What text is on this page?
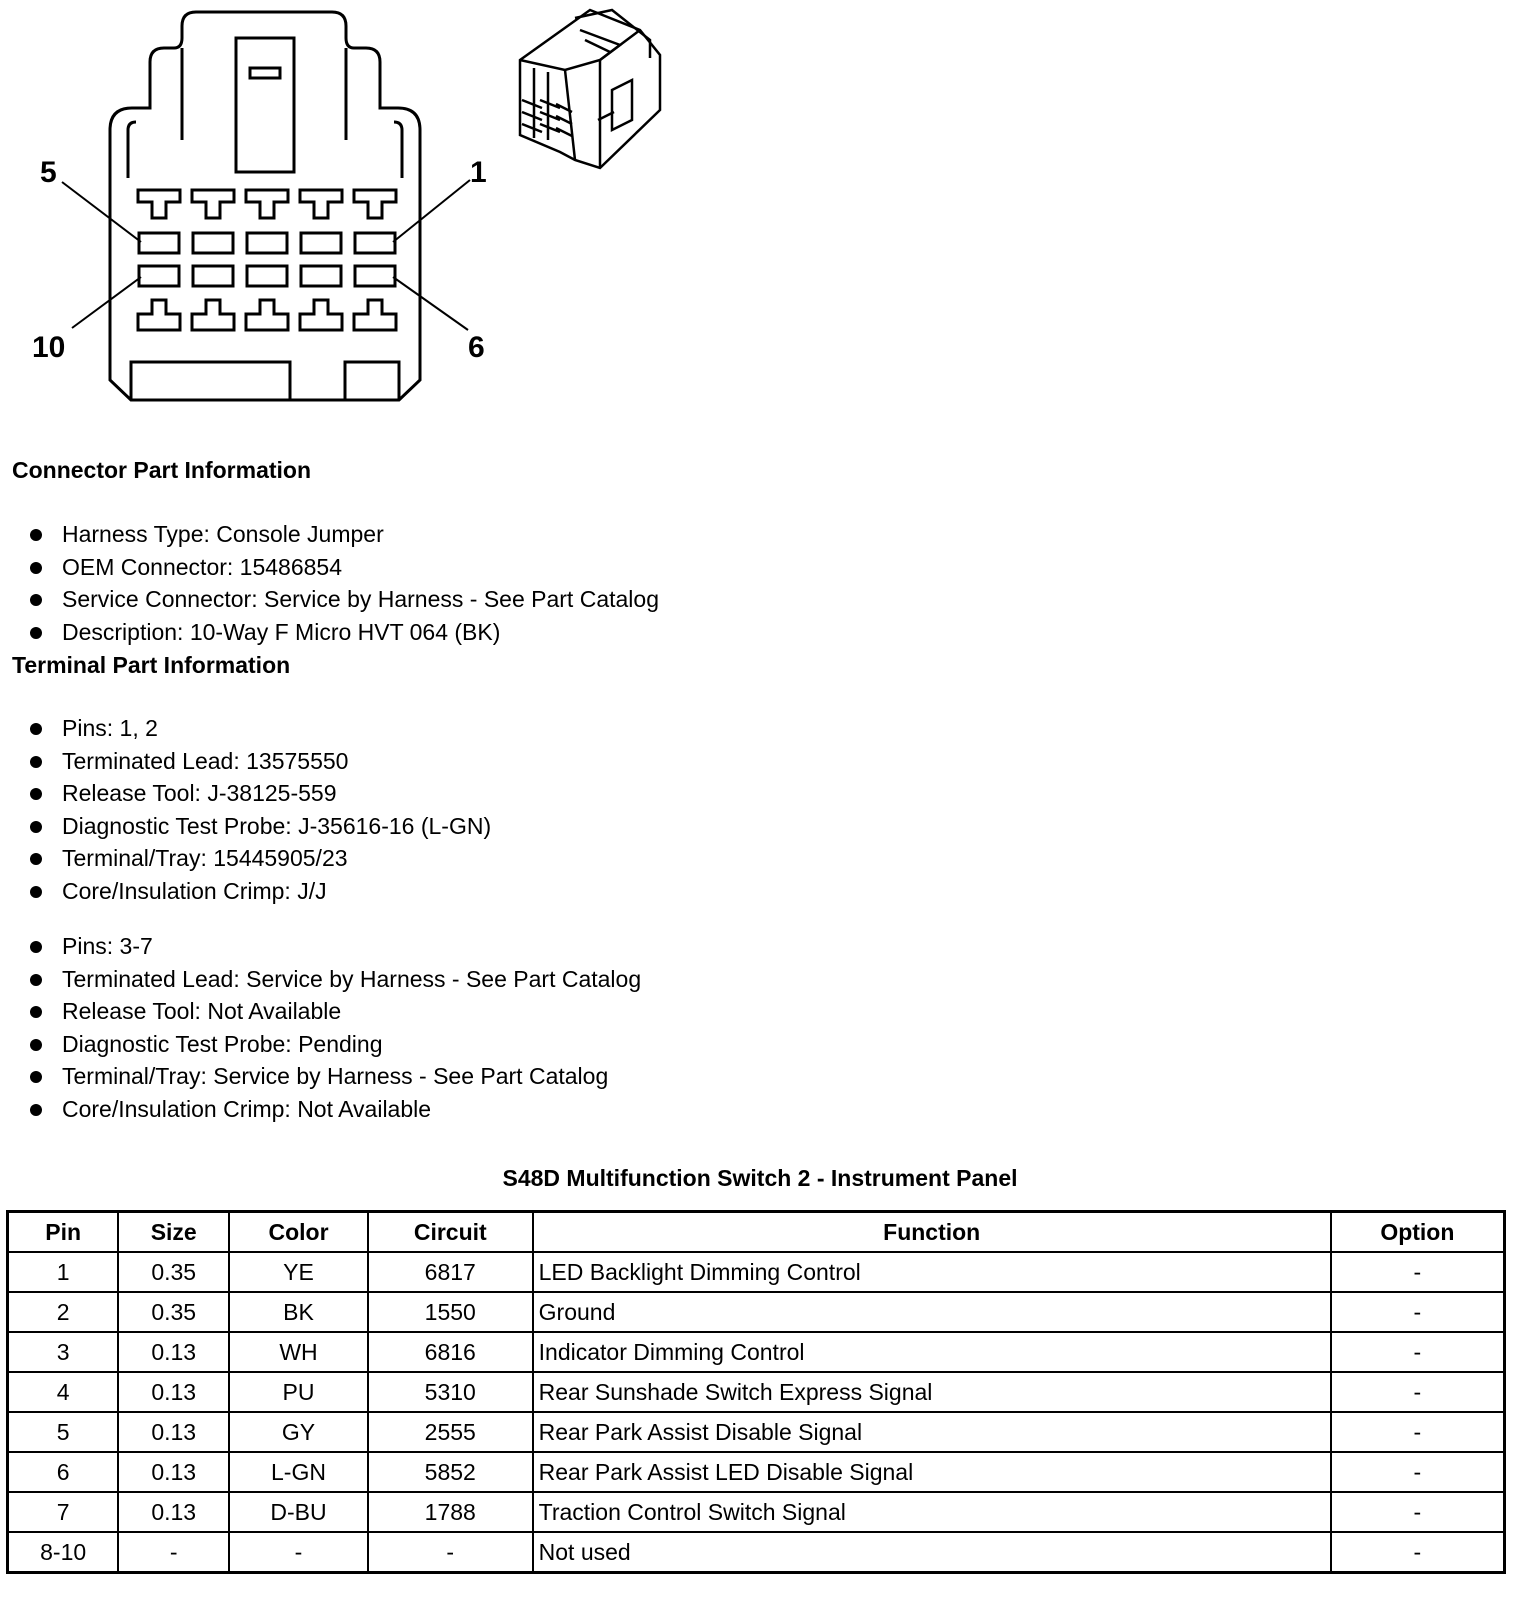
5	1
10	6
Connector Part Information
Harness Type: Console Jumper
OEM Connector: 15486854
Service Connector: Service by Harness - See Part Catalog
Description: 10-Way F Micro HVT 064 (BK)
Terminal Part Information
Pins: 1, 2
Terminated Lead: 13575550
Release Tool: J-38125-559
Diagnostic Test Probe: J-35616-16 (L-GN)
Terminal/Tray: 15445905/23
Core/Insulation Crimp: J/J
Pins: 3-7
Terminated Lead: Service by Harness - See Part Catalog
Release Tool: Not Available
Diagnostic Test Probe: Pending
Terminal/Tray: Service by Harness - See Part Catalog
Core/Insulation Crimp: Not Available
S48D Multifunction Switch 2 - Instrument Panel
Pin	Size	Color	Circuit	Function	Option
1	0.35	YE	6817	LED Backlight Dimming Control	-
2	0.35	BK	1550	Ground	-
3	0.13	WH	6816	Indicator Dimming Control	-
4	0.13	PU	5310	Rear Sunshade Switch Express Signal	-
5	0.13	GY	2555	Rear Park Assist Disable Signal	-
6	0.13	L-GN	5852	Rear Park Assist LED Disable Signal	-
7	0.13	D-BU	1788	Traction Control Switch Signal	-
8-10	-	-	-	Not used	-
